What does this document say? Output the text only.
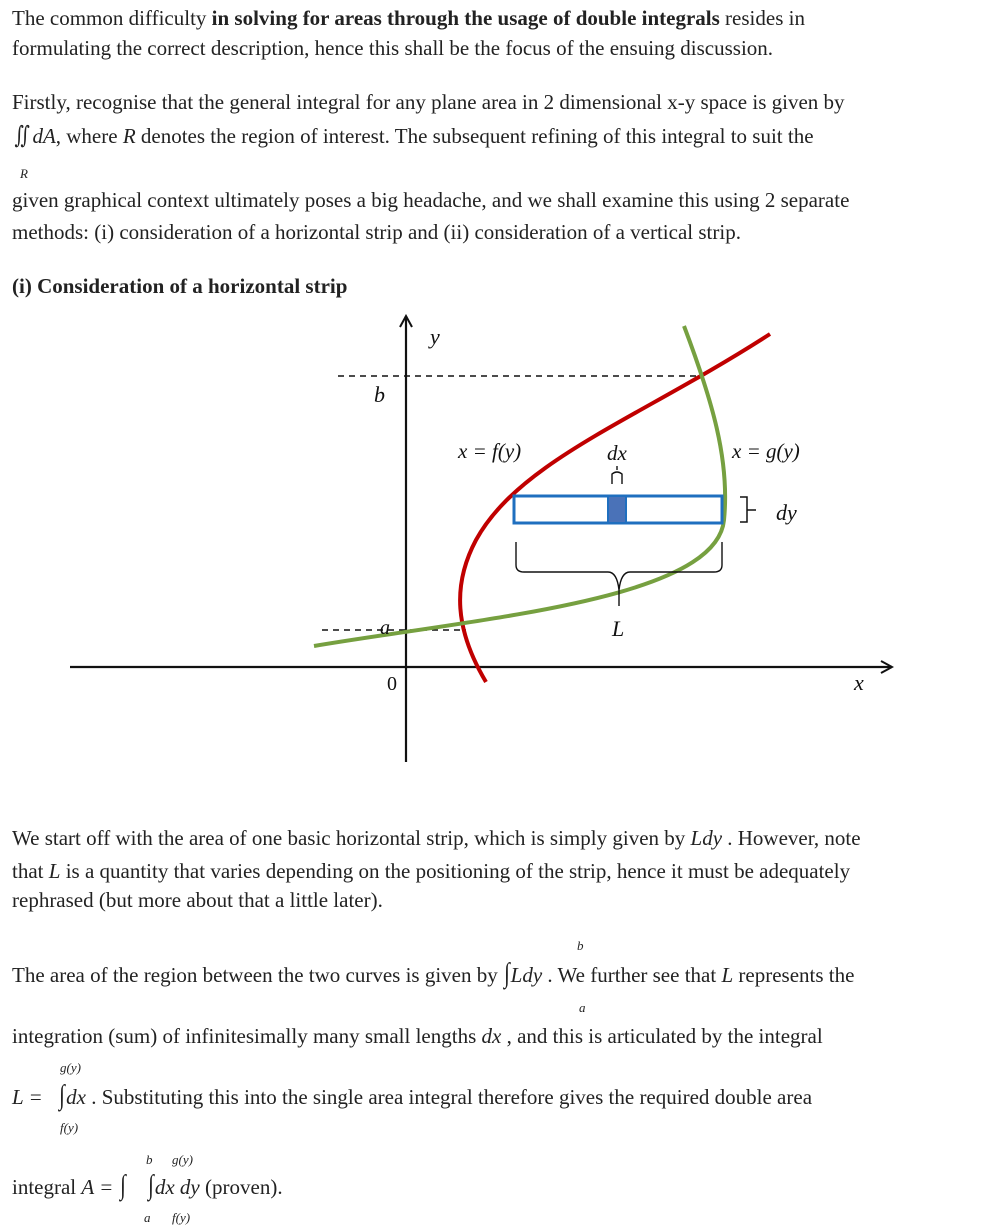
The common difficulty in solving for areas through the usage of double integrals resides in
formulating the correct description, hence this shall be the focus of the ensuing discussion.
Firstly, recognise that the general integral for any plane area in 2 dimensional x-y space is given by
∬ dA, where R denotes the region of interest. The subsequent refining of this integral to suit the
R
given graphical context ultimately poses a big headache, and we shall examine this using 2 separate
methods: (i) consideration of a horizontal strip and (ii) consideration of a vertical strip.
(i) Consideration of a horizontal strip
y
x
0
b
a
x = f(y)	x = g(y)
dx
dy
L
We start off with the area of one basic horizontal strip, which is simply given by Ldy . However, note
that L is a quantity that varies depending on the positioning of the strip, hence it must be adequately
rephrased (but more about that a little later).
b
The area of the region between the two curves is given by ∫Ldy . We further see that L represents the
a
integration (sum) of infinitesimally many small lengths dx , and this is articulated by the integral
g(y)
L = ∫dx . Substituting this into the single area integral therefore gives the required double area
f(y)
b g(y)
integral A = ∫ ∫dx dy (proven).
a f(y)
